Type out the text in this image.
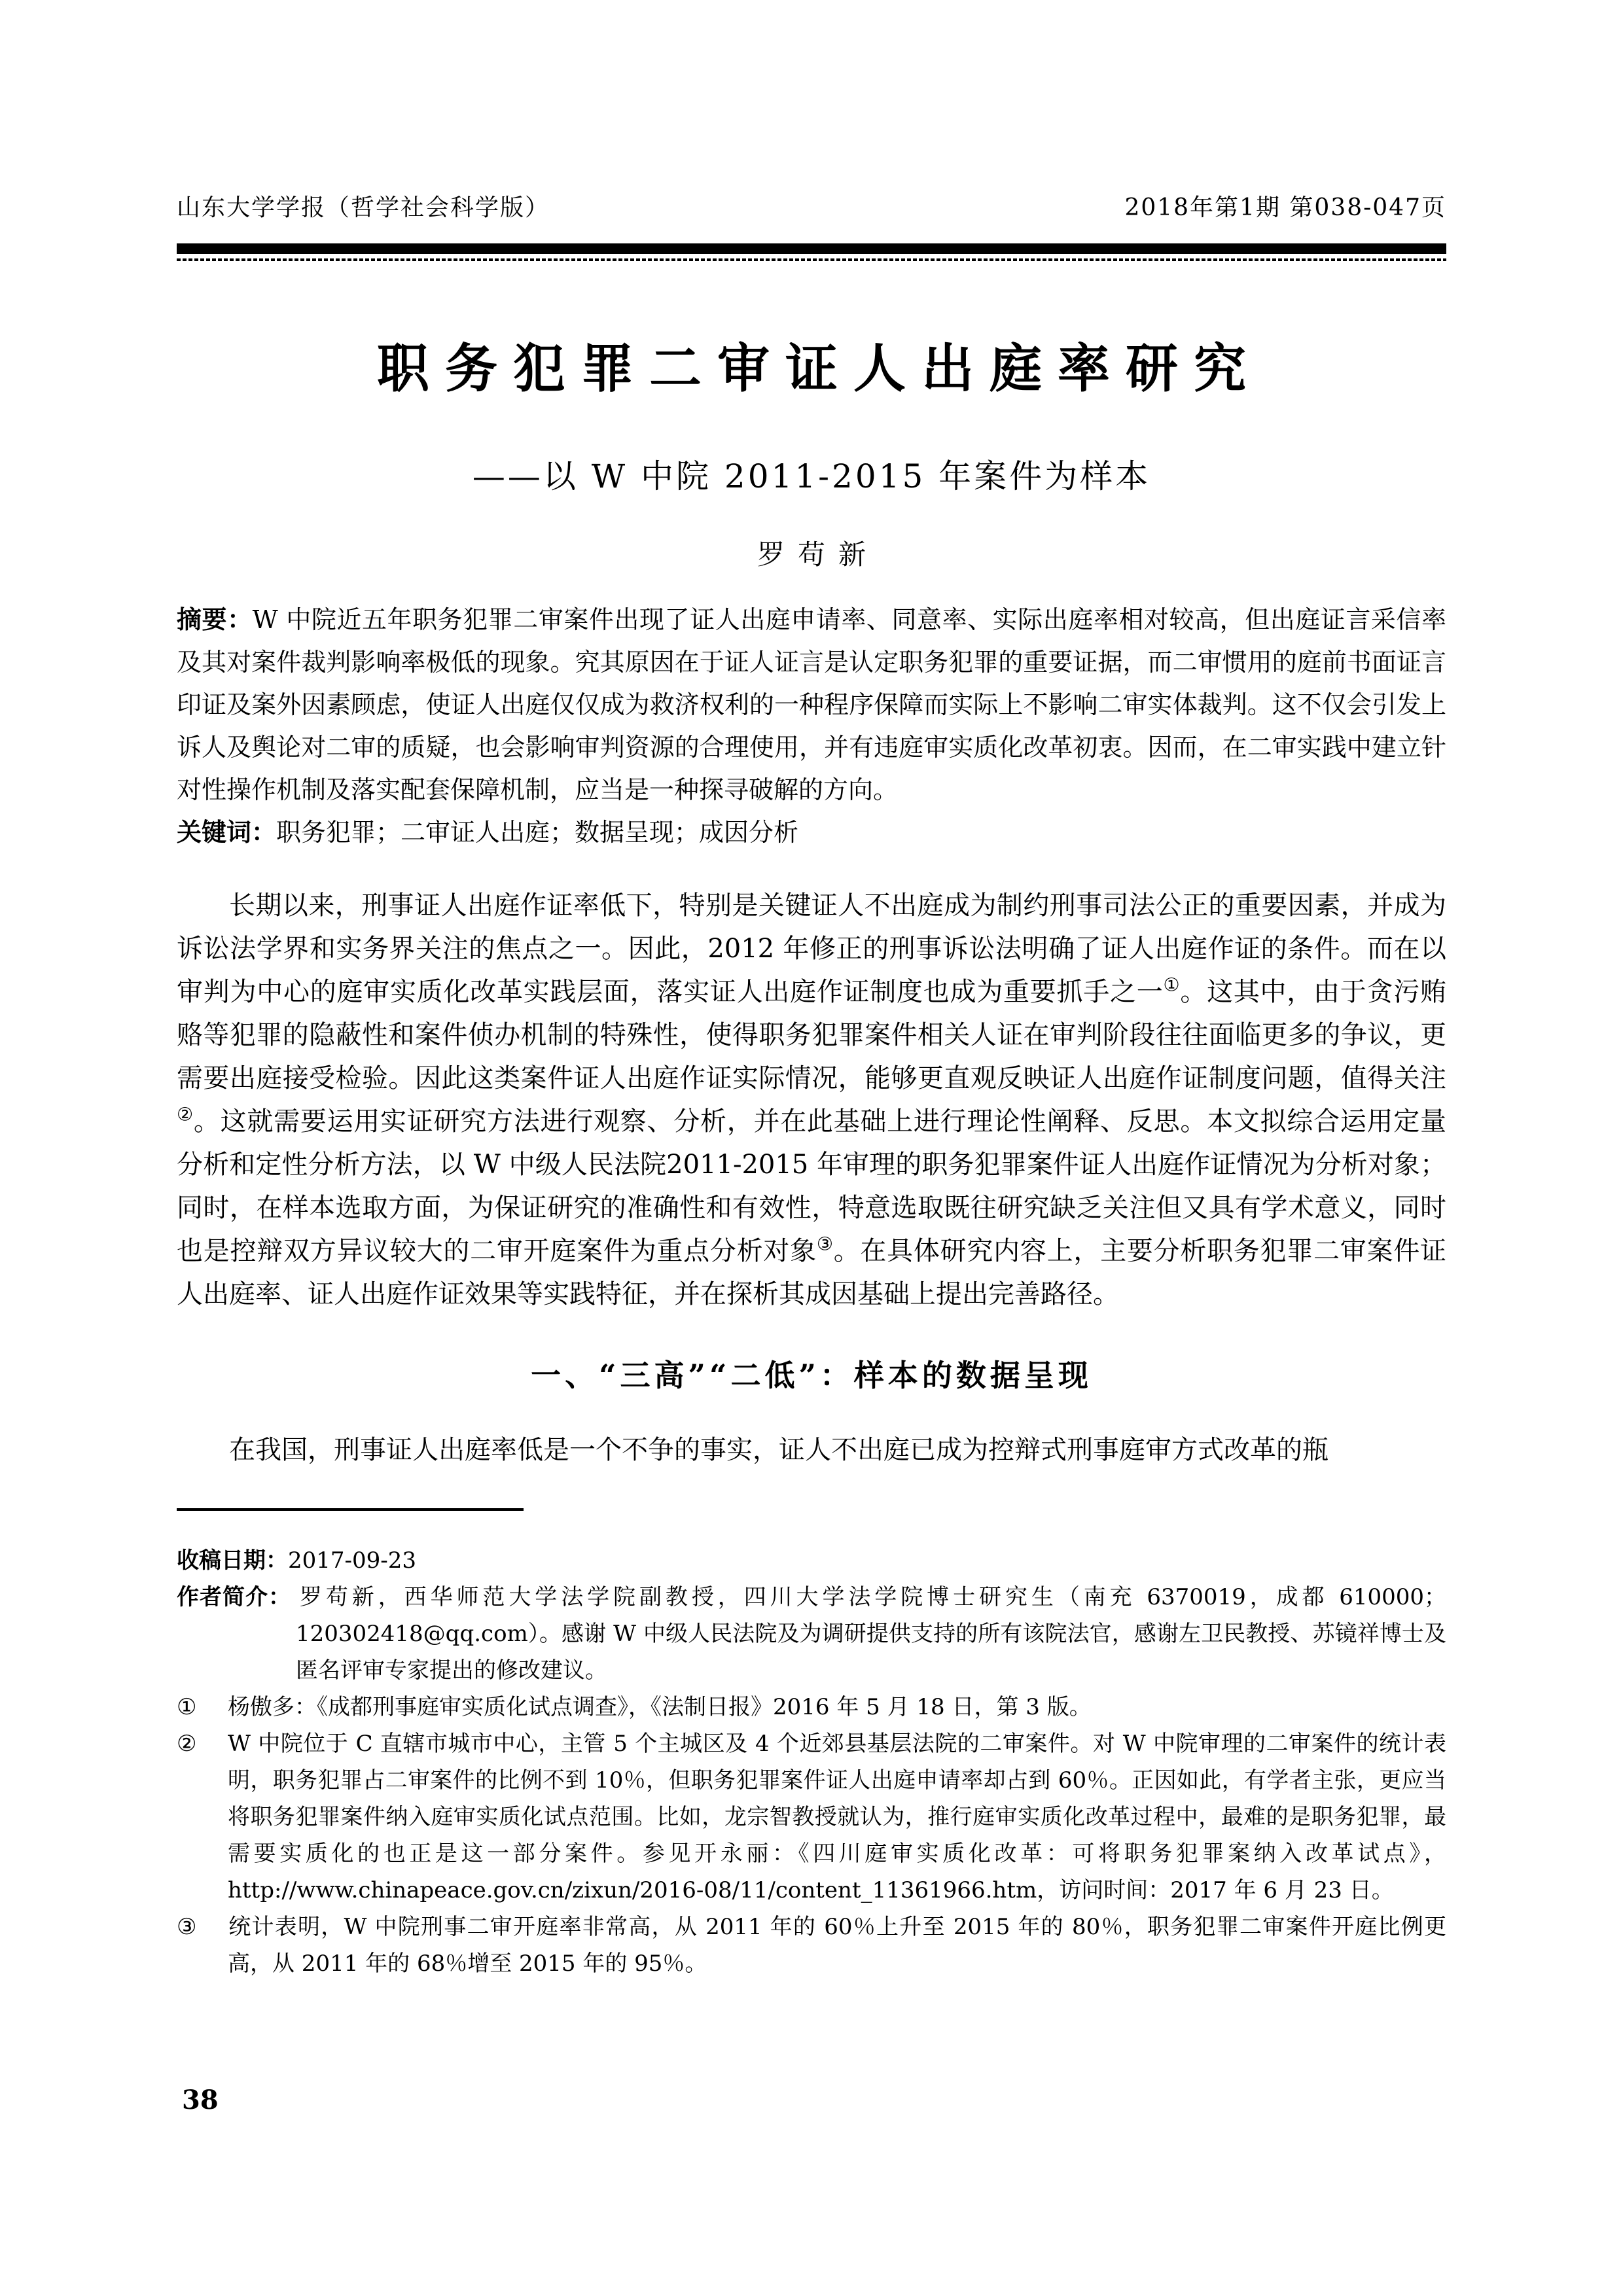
山东大学学报（哲学社会科学版）	2018年第1期 第038-047页
职务犯罪二审证人出庭率研究
——以 W 中院 2011-2015 年案件为样本
罗苟新
摘要：W 中院近五年职务犯罪二审案件出现了证人出庭申请率、同意率、实际出庭率相对较高，但出庭证言采信率及其对案件裁判影响率极低的现象。究其原因在于证人证言是认定职务犯罪的重要证据，而二审惯用的庭前书面证言印证及案外因素顾虑，使证人出庭仅仅成为救济权利的一种程序保障而实际上不影响二审实体裁判。这不仅会引发上诉人及舆论对二审的质疑，也会影响审判资源的合理使用，并有违庭审实质化改革初衷。因而，在二审实践中建立针对性操作机制及落实配套保障机制，应当是一种探寻破解的方向。
关键词：职务犯罪；二审证人出庭；数据呈现；成因分析
长期以来，刑事证人出庭作证率低下，特别是关键证人不出庭成为制约刑事司法公正的重要因素，并成为诉讼法学界和实务界关注的焦点之一。因此，2012 年修正的刑事诉讼法明确了证人出庭作证的条件。而在以审判为中心的庭审实质化改革实践层面，落实证人出庭作证制度也成为重要抓手之一①。这其中，由于贪污贿赂等犯罪的隐蔽性和案件侦办机制的特殊性，使得职务犯罪案件相关人证在审判阶段往往面临更多的争议，更需要出庭接受检验。因此这类案件证人出庭作证实际情况，能够更直观反映证人出庭作证制度问题，值得关注②。这就需要运用实证研究方法进行观察、分析，并在此基础上进行理论性阐释、反思。本文拟综合运用定量分析和定性分析方法，以 W 中级人民法院2011-2015 年审理的职务犯罪案件证人出庭作证情况为分析对象；同时，在样本选取方面，为保证研究的准确性和有效性，特意选取既往研究缺乏关注但又具有学术意义，同时也是控辩双方异议较大的二审开庭案件为重点分析对象③。在具体研究内容上，主要分析职务犯罪二审案件证人出庭率、证人出庭作证效果等实践特征，并在探析其成因基础上提出完善路径。
一、“三高”“二低”：样本的数据呈现
在我国，刑事证人出庭率低是一个不争的事实，证人不出庭已成为控辩式刑事庭审方式改革的瓶
收稿日期：2017-09-23
作者简介： 罗苟新，西华师范大学法学院副教授，四川大学法学院博士研究生（南充 6370019，成都 610000；120302418@qq.com）。感谢 W 中级人民法院及为调研提供支持的所有该院法官，感谢左卫民教授、苏镜祥博士及匿名评审专家提出的修改建议。
① 杨傲多：《成都刑事庭审实质化试点调查》，《法制日报》2016 年 5 月 18 日，第 3 版。
② W 中院位于 C 直辖市城市中心，主管 5 个主城区及 4 个近郊县基层法院的二审案件。对 W 中院审理的二审案件的统计表明，职务犯罪占二审案件的比例不到 10％，但职务犯罪案件证人出庭申请率却占到 60％。正因如此，有学者主张，更应当将职务犯罪案件纳入庭审实质化试点范围。比如，龙宗智教授就认为，推行庭审实质化改革过程中，最难的是职务犯罪，最需要实质化的也正是这一部分案件。参见开永丽：《四川庭审实质化改革：可将职务犯罪案纳入改革试点》，http://www.chinapeace.gov.cn/zixun/2016-08/11/content_11361966.htm，访问时间：2017 年 6 月 23 日。
③ 统计表明，W 中院刑事二审开庭率非常高，从 2011 年的 60％上升至 2015 年的 80％，职务犯罪二审案件开庭比例更高，从 2011 年的 68％增至 2015 年的 95％。
38
